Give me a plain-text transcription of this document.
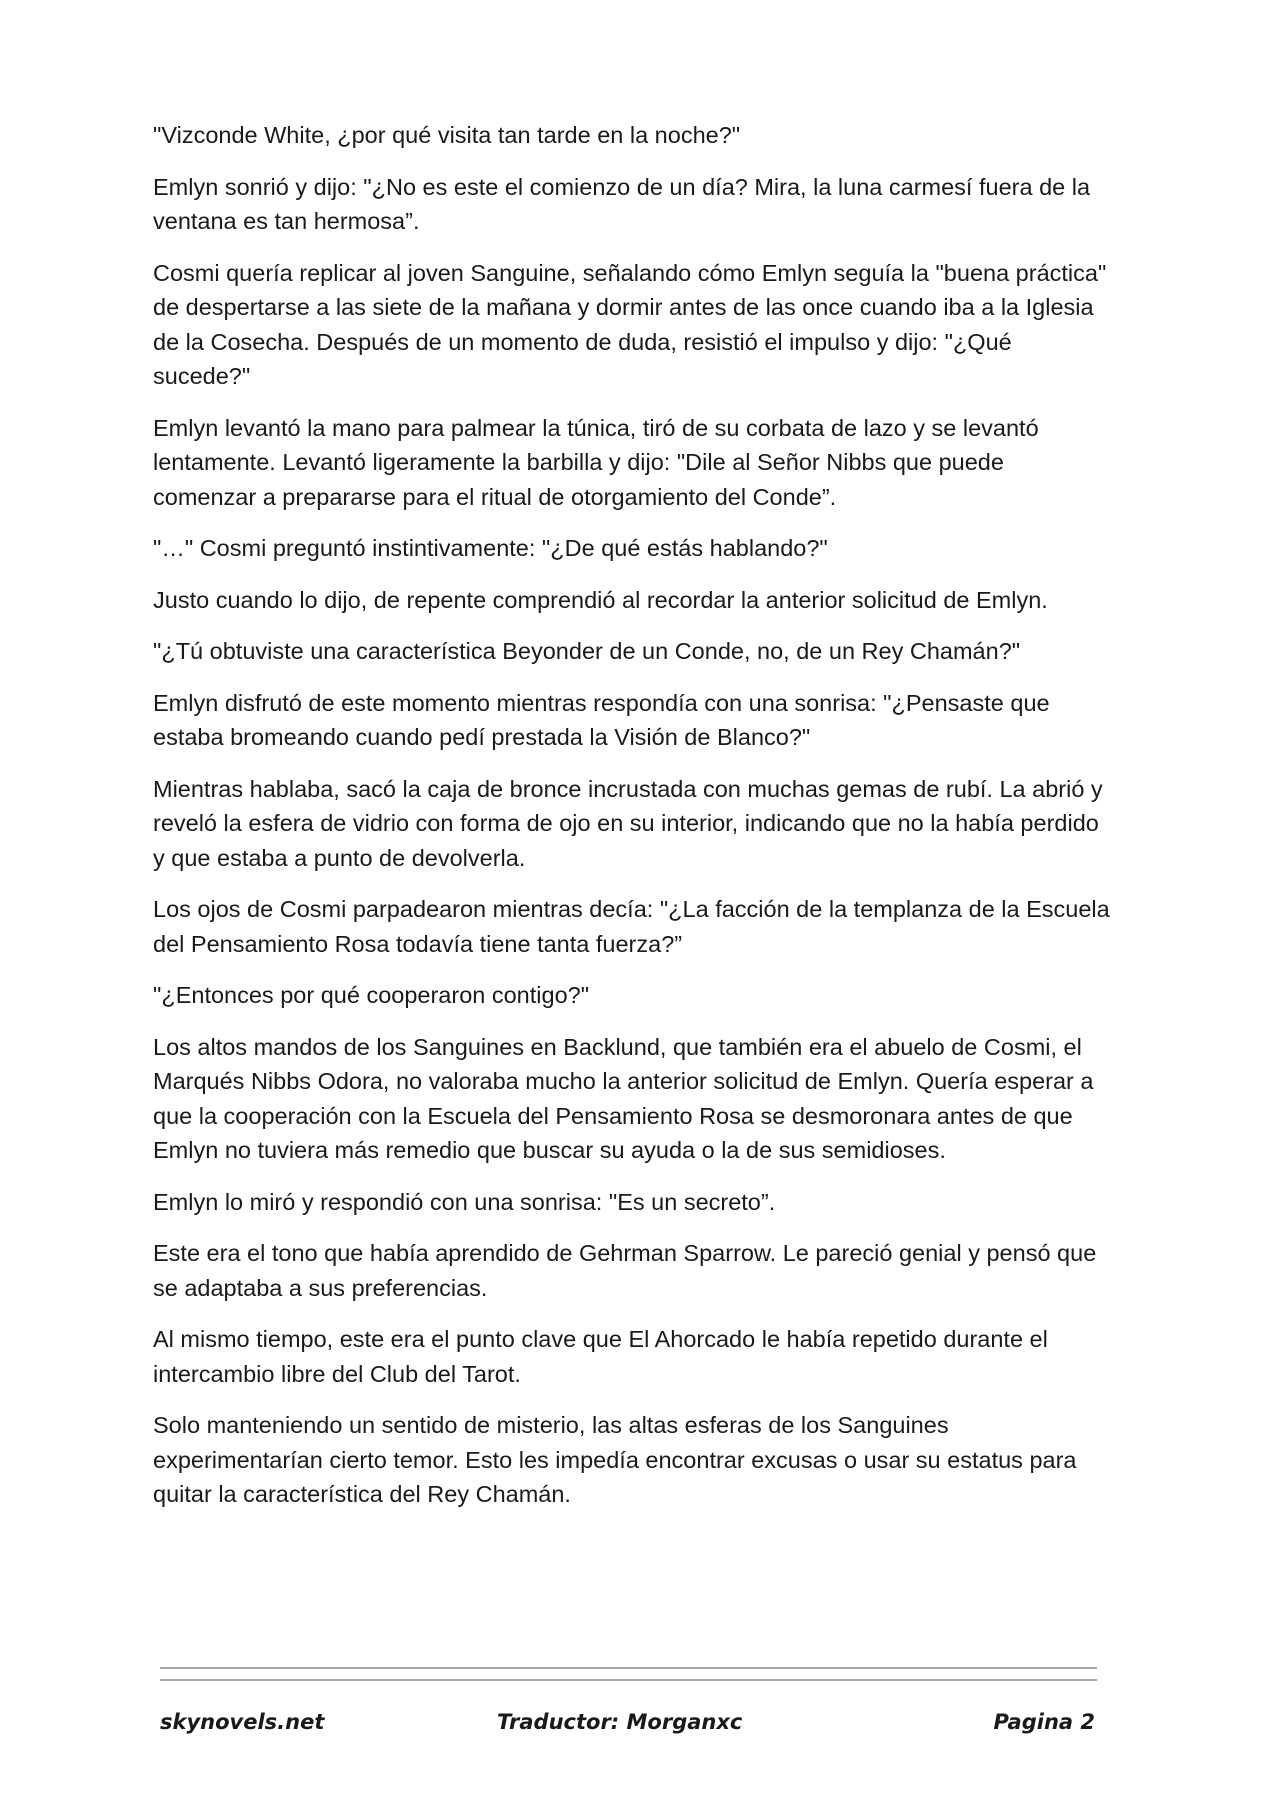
"Vizconde White, ¿por qué visita tan tarde en la noche?"

Emlyn sonrió y dijo: "¿No es este el comienzo de un día? Mira, la luna carmesí fuera de la ventana es tan hermosa”.

Cosmi quería replicar al joven Sanguine, señalando cómo Emlyn seguía la "buena práctica" de despertarse a las siete de la mañana y dormir antes de las once cuando iba a la Iglesia de la Cosecha. Después de un momento de duda, resistió el impulso y dijo: "¿Qué sucede?"

Emlyn levantó la mano para palmear la túnica, tiró de su corbata de lazo y se levantó lentamente. Levantó ligeramente la barbilla y dijo: "Dile al Señor Nibbs que puede comenzar a prepararse para el ritual de otorgamiento del Conde”.

"…" Cosmi preguntó instintivamente: "¿De qué estás hablando?"

Justo cuando lo dijo, de repente comprendió al recordar la anterior solicitud de Emlyn.

"¿Tú obtuviste una característica Beyonder de un Conde, no, de un Rey Chamán?"

Emlyn disfrutó de este momento mientras respondía con una sonrisa: "¿Pensaste que estaba bromeando cuando pedí prestada la Visión de Blanco?"

Mientras hablaba, sacó la caja de bronce incrustada con muchas gemas de rubí. La abrió y reveló la esfera de vidrio con forma de ojo en su interior, indicando que no la había perdido y que estaba a punto de devolverla.

Los ojos de Cosmi parpadearon mientras decía: "¿La facción de la templanza de la Escuela del Pensamiento Rosa todavía tiene tanta fuerza?”

"¿Entonces por qué cooperaron contigo?"

Los altos mandos de los Sanguines en Backlund, que también era el abuelo de Cosmi, el Marqués Nibbs Odora, no valoraba mucho la anterior solicitud de Emlyn. Quería esperar a que la cooperación con la Escuela del Pensamiento Rosa se desmoronara antes de que Emlyn no tuviera más remedio que buscar su ayuda o la de sus semidioses.

Emlyn lo miró y respondió con una sonrisa: "Es un secreto”.

Este era el tono que había aprendido de Gehrman Sparrow. Le pareció genial y pensó que se adaptaba a sus preferencias.

Al mismo tiempo, este era el punto clave que El Ahorcado le había repetido durante el intercambio libre del Club del Tarot.

Solo manteniendo un sentido de misterio, las altas esferas de los Sanguines experimentarían cierto temor. Esto les impedía encontrar excusas o usar su estatus para quitar la característica del Rey Chamán.

skynovels.net	Traductor: Morganxc	Pagina 2
